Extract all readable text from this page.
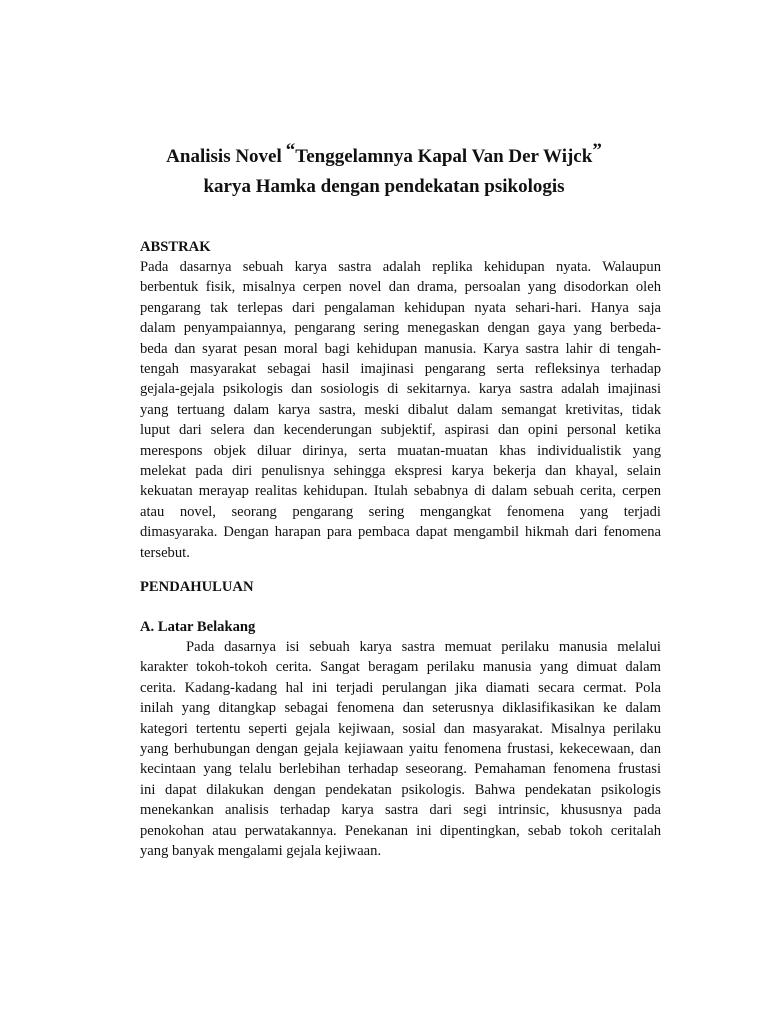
Analisis Novel “Tenggelamnya Kapal Van Der Wijck”
karya Hamka dengan pendekatan psikologis
ABSTRAK

Pada dasarnya sebuah karya sastra adalah replika kehidupan nyata. Walaupun
berbentuk fisik, misalnya cerpen novel dan drama, persoalan yang disodorkan oleh
pengarang tak terlepas dari pengalaman kehidupan nyata sehari-hari. Hanya saja
dalam penyampaiannya, pengarang sering menegaskan dengan gaya yang berbeda-
beda dan syarat pesan moral bagi kehidupan manusia. Karya sastra lahir di tengah-
tengah masyarakat sebagai hasil imajinasi pengarang serta refleksinya terhadap
gejala-gejala psikologis dan sosiologis di sekitarnya. karya sastra adalah imajinasi
yang tertuang dalam karya sastra, meski dibalut dalam semangat kretivitas, tidak
luput dari selera dan kecenderungan subjektif, aspirasi dan opini personal ketika
merespons objek diluar dirinya, serta muatan-muatan khas individualistik yang
melekat pada diri penulisnya sehingga ekspresi karya bekerja dan khayal, selain
kekuatan merayap realitas kehidupan. Itulah sebabnya di dalam sebuah cerita, cerpen
atau novel, seorang pengarang sering mengangkat fenomena yang terjadi
dimasyaraka. Dengan harapan para pembaca dapat mengambil hikmah dari fenomena
tersebut.

PENDAHULUAN
A. Latar Belakang

Pada dasarnya isi sebuah karya sastra memuat perilaku manusia melalui
karakter tokoh-tokoh cerita. Sangat beragam perilaku manusia yang dimuat dalam
cerita. Kadang-kadang hal ini terjadi perulangan jika diamati secara cermat. Pola
inilah yang ditangkap sebagai fenomena dan seterusnya diklasifikasikan ke dalam
kategori tertentu seperti gejala kejiwaan, sosial dan masyarakat. Misalnya perilaku
yang berhubungan dengan gejala kejiawaan yaitu fenomena frustasi, kekecewaan, dan
kecintaan yang telalu berlebihan terhadap seseorang. Pemahaman fenomena frustasi
ini dapat dilakukan dengan pendekatan psikologis. Bahwa pendekatan psikologis
menekankan analisis terhadap karya sastra dari segi intrinsic, khususnya pada
penokohan atau perwatakannya. Penekanan ini dipentingkan, sebab tokoh ceritalah
yang banyak mengalami gejala kejiwaan.
